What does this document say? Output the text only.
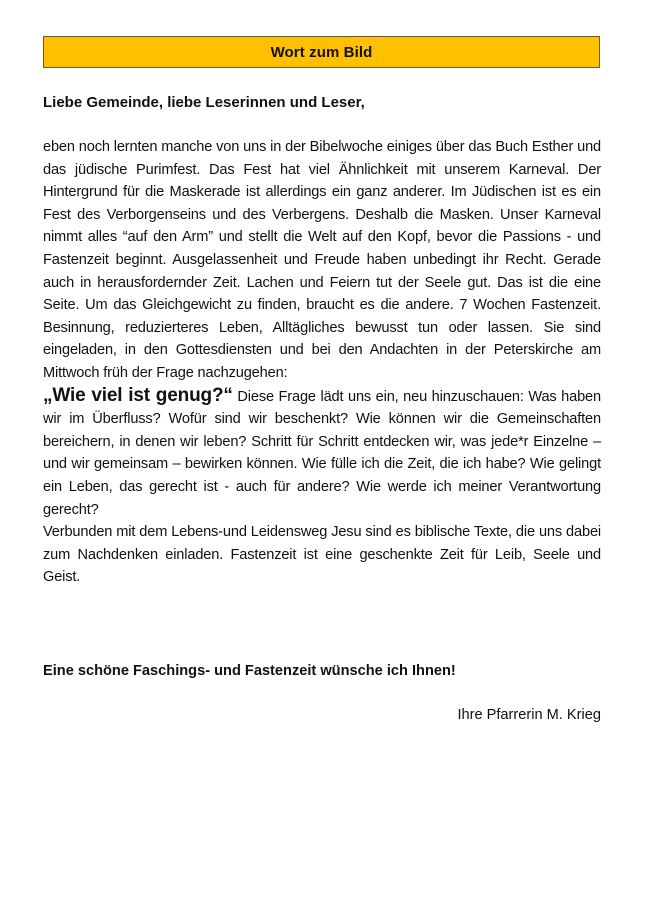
Wort zum Bild
Liebe Gemeinde, liebe Leserinnen und Leser,

eben noch lernten manche von uns in der Bibelwoche einiges über das Buch Esther und das jüdische Purimfest. Das Fest hat viel Ähnlichkeit mit unserem Karneval. Der Hintergrund für die Maskerade ist allerdings ein ganz anderer. Im Jüdischen ist es ein Fest des Verborgenseins und des Verbergens. Deshalb die Masken. Unser Karneval nimmt alles “auf den Arm” und stellt die Welt auf den Kopf, bevor die Passions - und Fastenzeit beginnt. Ausgelassenheit und Freude haben unbedingt ihr Recht. Gerade auch in herausfordernder Zeit. Lachen und Feiern tut der Seele gut. Das ist die eine Seite. Um das Gleichgewicht zu finden, braucht es die andere. 7 Wochen Fastenzeit. Besinnung, reduzierteres Leben, Alltägliches bewusst tun oder lassen. Sie sind eingeladen, in den Gottesdiensten und bei den Andachten in der Peterskirche am Mittwoch früh der Frage nachzugehen:
„Wie viel ist genug?“ Diese Frage lädt uns ein, neu hinzuschauen: Was haben wir im Überfluss? Wofür sind wir beschenkt? Wie können wir die Gemeinschaften bereichern, in denen wir leben? Schritt für Schritt entdecken wir, was jede*r Einzelne – und wir gemeinsam – bewirken können. Wie fülle ich die Zeit, die ich habe? Wie gelingt ein Leben, das gerecht ist - auch für andere? Wie werde ich meiner Verantwortung gerecht?

Verbunden mit dem Lebens-und Leidensweg Jesu sind es biblische Texte, die uns dabei zum Nachdenken einladen. Fastenzeit ist eine geschenkte Zeit für Leib, Seele und Geist.

Eine schöne Faschings- und Fastenzeit wünsche ich Ihnen!
Ihre Pfarrerin M. Krieg
